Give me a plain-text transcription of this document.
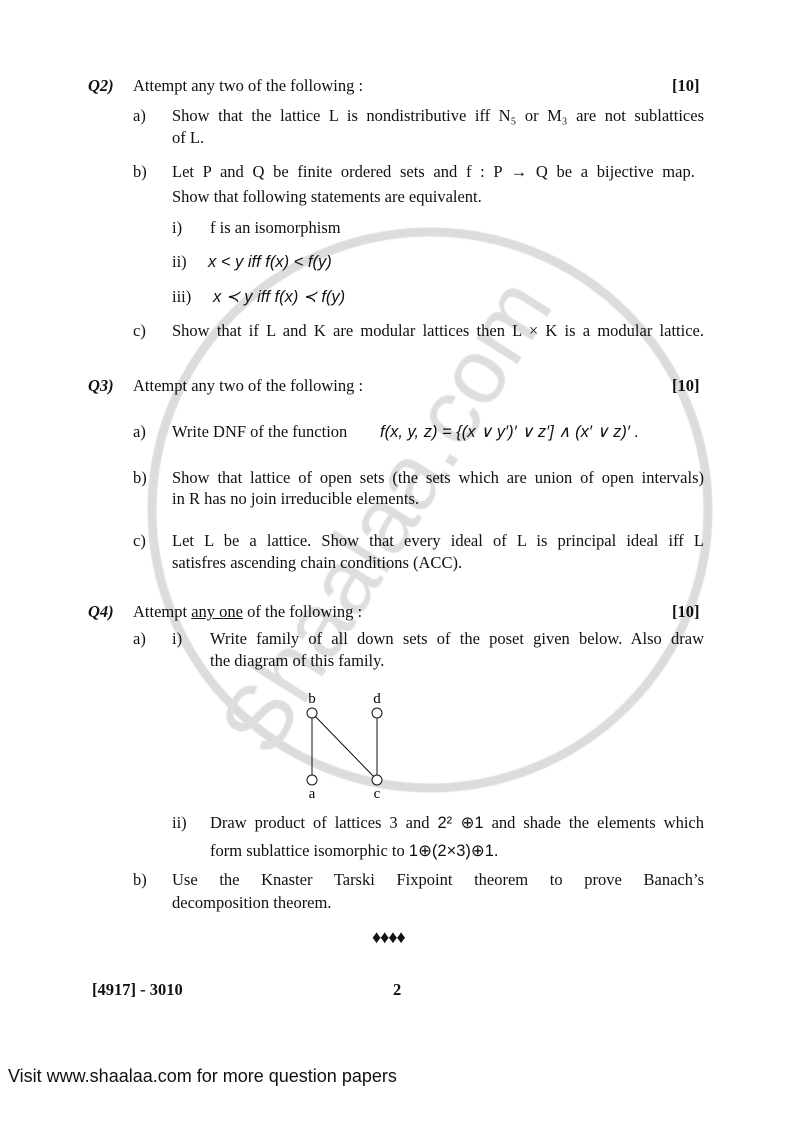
Q2) Attempt any two of the following :	[10]
a) Show that the lattice L is nondistributive iff N₅ or M₃ are not sublattices
of L.
b) Let P and Q be finite ordered sets and f : P → Q be a bijective map.
Show that following statements are equivalent.
i) f is an isomorphism
ii) x < y iff f(x) < f(y)
iii) x ≺ y iff f(x) ≺ f(y)
c) Show that if L and K are modular lattices then L × K is a modular lattice.
Q3) Attempt any two of the following :	[10]
a) Write DNF of the function f(x, y, z) = {(x ∨ y′)′ ∨ z′] ∧ (x′ ∨ z)′ .
b) Show that lattice of open sets (the sets which are union of open intervals)
in R has no join irreducible elements.
c) Let L be a lattice. Show that every ideal of L is principal ideal iff L
satisfres ascending chain conditions (ACC).
Q4) Attempt any one of the following :	[10]
a) i) Write family of all down sets of the poset given below. Also draw
the diagram of this family.
b	d
a	c
ii) Draw product of lattices 3 and 2² ⊕1 and shade the elements which
form sublattice isomorphic to 1⊕(2×3)⊕1.
b) Use the Knaster Tarski Fixpoint theorem to prove Banach’s
decomposition theorem.
♦♦♦♦
[4917] - 3010	2
Visit www.shaalaa.com for more question papers
